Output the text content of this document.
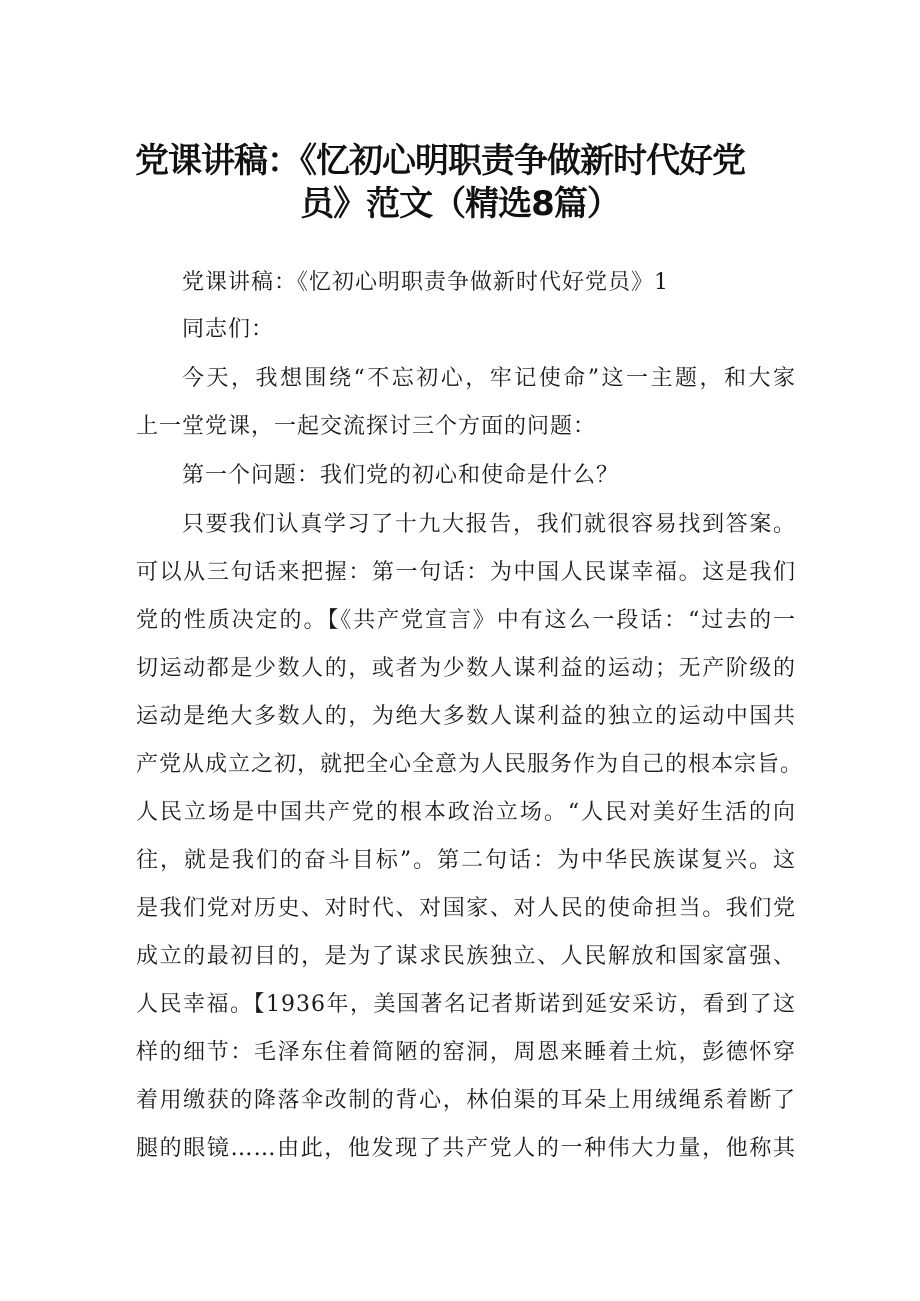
党课讲稿：《忆初心明职责争做新时代好党
员》范文（精选8篇）
党课讲稿：《忆初心明职责争做新时代好党员》1
同志们：
今天，我想围绕“不忘初心，牢记使命”这一主题，和大家
上一堂党课，一起交流探讨三个方面的问题：
第一个问题：我们党的初心和使命是什么？
只要我们认真学习了十九大报告，我们就很容易找到答案。
可以从三句话来把握：第一句话：为中国人民谋幸福。这是我们
党的性质决定的。【《共产党宣言》中有这么一段话：“过去的一
切运动都是少数人的，或者为少数人谋利益的运动；无产阶级的
运动是绝大多数人的，为绝大多数人谋利益的独立的运动中国共
产党从成立之初，就把全心全意为人民服务作为自己的根本宗旨。
人民立场是中国共产党的根本政治立场。“人民对美好生活的向
往，就是我们的奋斗目标”。第二句话：为中华民族谋复兴。这
是我们党对历史、对时代、对国家、对人民的使命担当。我们党
成立的最初目的，是为了谋求民族独立、人民解放和国家富强、
人民幸福。【1936年，美国著名记者斯诺到延安采访，看到了这
样的细节：毛泽东住着简陋的窑洞，周恩来睡着土炕，彭德怀穿
着用缴获的降落伞改制的背心，林伯渠的耳朵上用绒绳系着断了
腿的眼镜……由此，他发现了共产党人的一种伟大力量，他称其
